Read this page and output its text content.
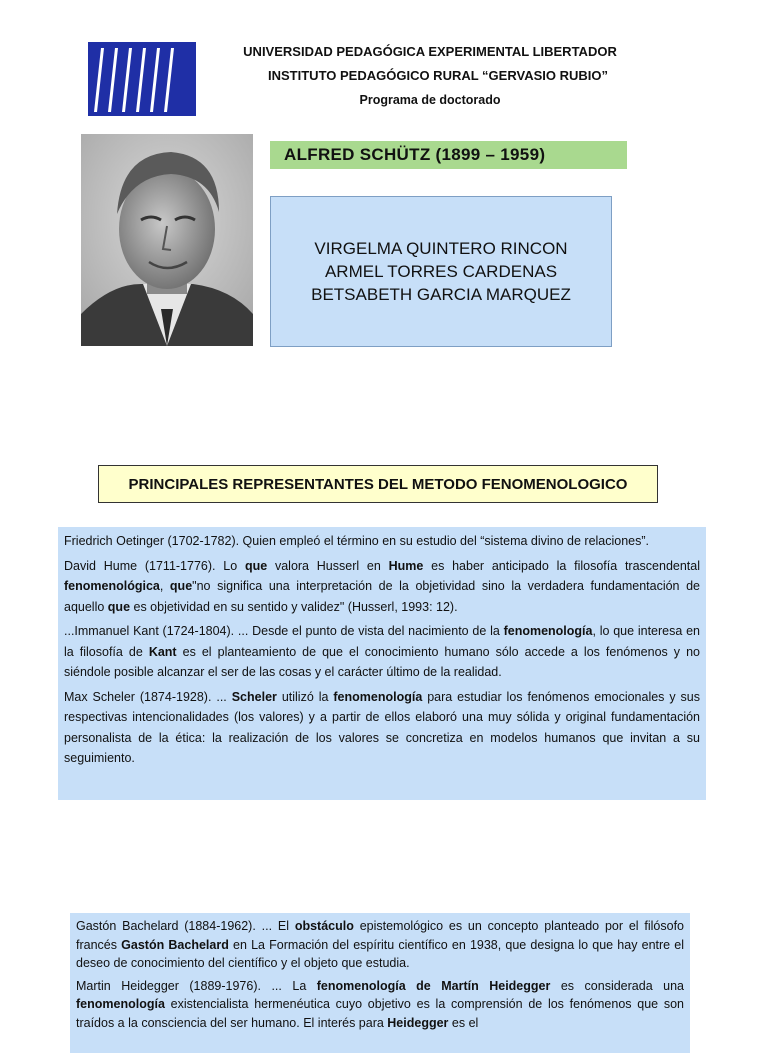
UNIVERSIDAD PEDAGÓGICA EXPERIMENTAL LIBERTADOR
INSTITUTO PEDAGÓGICO RURAL “GERVASIO RUBIO”
Programa de doctorado
ALFRED SCHÜTZ (1899 – 1959)
VIRGELMA QUINTERO RINCON
ARMEL TORRES CARDENAS
BETSABETH GARCIA MARQUEZ
PRINCIPALES REPRESENTANTES DEL METODO FENOMENOLOGICO

Friedrich Oetinger (1702-1782). Quien empleó el término en su estudio del “sistema divino de relaciones”.

David Hume (1711-1776). Lo que valora Husserl en Hume es haber anticipado la filosofía trascendental fenomenológica, que"no significa una interpretación de la objetividad sino la verdadera fundamentación de aquello que es objetividad en su sentido y validez" (Husserl, 1993: 12).

...Immanuel Kant (1724-1804). ... Desde el punto de vista del nacimiento de la fenomenología, lo que interesa en la filosofía de Kant es el planteamiento de que el conocimiento humano sólo accede a los fenómenos y no siéndole posible alcanzar el ser de las cosas y el carácter último de la realidad.

Max Scheler (1874-1928). ... Scheler utilizó la fenomenología para estudiar los fenómenos emocionales y sus respectivas intencionalidades (los valores) y a partir de ellos elaboró una muy sólida y original fundamentación personalista de la ética: la realización de los valores se concretiza en modelos humanos que invitan a su seguimiento.

Gastón Bachelard (1884-1962). ... El obstáculo epistemológico es un concepto planteado por el filósofo francés Gastón Bachelard en La Formación del espíritu científico en 1938, que designa lo que hay entre el deseo de conocimiento del científico y el objeto que estudia.

Martin Heidegger (1889-1976). ... La fenomenología de Martín Heidegger es considerada una fenomenología existencialista hermenéutica cuyo objetivo es la comprensión de los fenómenos que son traídos a la consciencia del ser humano. El interés para Heidegger es el
